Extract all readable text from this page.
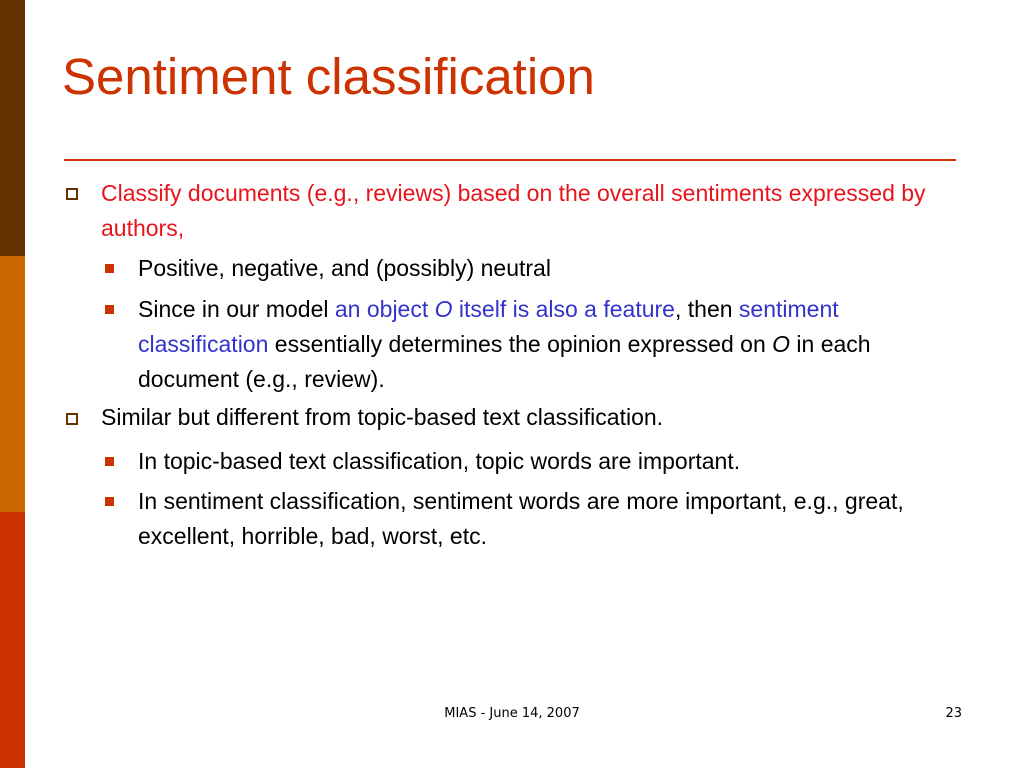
Sentiment classification
Classify documents (e.g., reviews) based on the overall sentiments expressed by authors,
Positive, negative, and (possibly) neutral
Since in our model an object O itself is also a feature, then sentiment classification essentially determines the opinion expressed on O in each document (e.g., review).
Similar but different from topic-based text classification.
In topic-based text classification, topic words are important.
In sentiment classification, sentiment words are more important, e.g., great, excellent, horrible, bad, worst, etc.
MIAS - June 14, 2007	23
